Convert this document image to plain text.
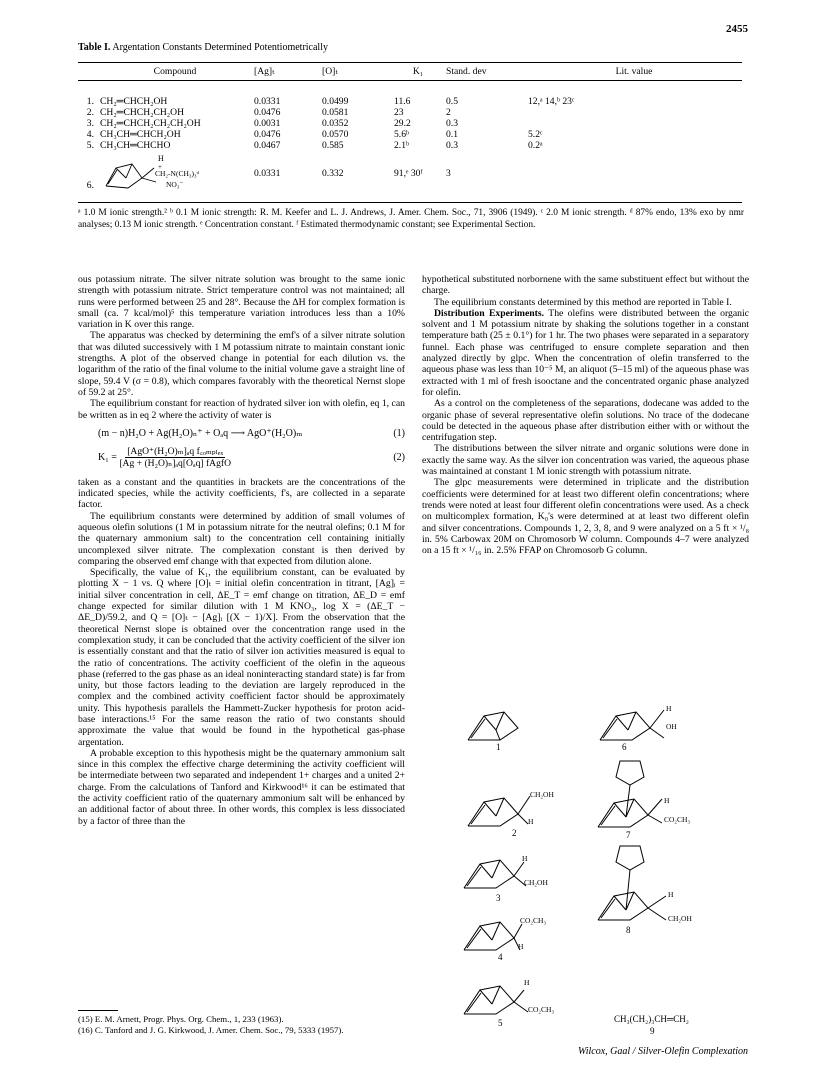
2455
Table I. Argentation Constants Determined Potentiometrically
	Compound	[Ag]ₜ	[O]ₜ	K₁	Stand. dev	Lit. value

1.	CH₂═CHCH₂OH	0.0331	0.0499	11.6	0.5	12,ᵃ 14,ᵇ 23ᶜ
2.	CH₂═CHCH₂CH₂OH	0.0476	0.0581	23	2	
3.	CH₂═CHCH₂CH₂CH₂OH	0.0031	0.0352	29.2	0.3	
4.	CH₃CH═CHCH₂OH	0.0476	0.0570	5.6ᵇ	0.1	5.2ᶜ
5.	CH₃CH═CHCHO	0.0467	0.585	2.1ᵇ	0.3	0.2ᵃ
6.	H
+
CH₂-N(CH₃)₃ᵈ
NO₃⁻	0.0331	0.332	91,ᵉ 30ᶠ	3	
ᵃ 1.0 M ionic strength.² ᵇ 0.1 M ionic strength: R. M. Keefer and L. J. Andrews, J. Amer. Chem. Soc., 71, 3906 (1949). ᶜ 2.0 M ionic strength. ᵈ 87% endo, 13% exo by nmr analyses; 0.13 M ionic strength. ᵉ Concentration constant. ᶠ Estimated thermodynamic constant; see Experimental Section.

ous potassium nitrate. The silver nitrate solution was brought to the same ionic strength with potassium nitrate. Strict temperature control was not maintained; all runs were performed between 25 and 28°. Because the ΔH for complex formation is small (ca. 7 kcal/mol)⁵ this temperature variation introduces less than a 10% variation in K over this range.

The apparatus was checked by determining the emf's of a silver nitrate solution that was diluted successively with 1 M potassium nitrate to maintain constant ionic strengths. A plot of the observed change in potential for each dilution vs. the logarithm of the ratio of the final volume to the initial volume gave a straight line of slope, 59.4 V (σ = 0.8), which compares favorably with the theoretical Nernst slope of 59.2 at 25°.

The equilibrium constant for reaction of hydrated silver ion with olefin, eq 1, can be written as in eq 2 where the activity of water is

(m − n)H₂O + Ag(H₂O)ₙ⁺ + Oₐq ⟶ AgO⁺(H₂O)ₘ	(1)
$K_1 = \frac{\text{[AgO⁺(H₂O)ₘ]ₐq f꜀ₒₘₚₗₑₓ}}{\text{[Ag + (H₂O)ₙ]ₐq[Oₐq] fAgfO}}$	(2)

taken as a constant and the quantities in brackets are the concentrations of the indicated species, while the activity coefficients, f's, are collected in a separate factor.

The equilibrium constants were determined by addition of small volumes of aqueous olefin solutions (1 M in potassium nitrate for the neutral olefins; 0.1 M for the quaternary ammonium salt) to the concentration cell containing initially uncomplexed silver nitrate. The complexation constant is then derived by comparing the observed emf change with that expected from dilution alone.

Specifically, the value of K₁, the equilibrium constant, can be evaluated by plotting X − 1 vs. Q where [O]ₜ = initial olefin concentration in titrant, [Ag]ᵢ = initial silver concentration in cell, ΔE_T = emf change on titration, ΔE_D = emf change expected for similar dilution with 1 M KNO₃, log X = (ΔE_T − ΔE_D)/59.2, and Q = [O]ₜ − [Ag]ᵢ [(X − 1)/X]. From the observation that the theoretical Nernst slope is obtained over the concentration range used in the complexation study, it can be concluded that the activity coefficient of the silver ion is essentially constant and that the ratio of silver ion activities measured is equal to the ratio of concentrations. The activity coefficient of the olefin in the aqueous phase (referred to the gas phase as an ideal noninteracting standard state) is far from unity, but those factors leading to the deviation are largely reproduced in the complex and the combined activity coefficient factor should be approximately unity. This hypothesis parallels the Hammett-Zucker hypothesis for proton acid-base interactions.¹⁵ For the same reason the ratio of two constants should approximate the value that would be found in the hypothetical gas-phase argentation.

A probable exception to this hypothesis might be the quaternary ammonium salt since in this complex the effective charge determining the activity coefficient will be intermediate between two separated and independent 1+ charges and a united 2+ charge. From the calculations of Tanford and Kirkwood¹⁶ it can be estimated that the activity coefficient ratio of the quaternary ammonium salt will be enhanced by an additional factor of about three. In other words, this complex is less dissociated by a factor of three than the

(15) E. M. Arnett, Progr. Phys. Org. Chem., 1, 233 (1963).
(16) C. Tanford and J. G. Kirkwood, J. Amer. Chem. Soc., 79, 5333 (1957).

hypothetical substituted norbornene with the same substituent effect but without the charge.

The equilibrium constants determined by this method are reported in Table I.

Distribution Experiments. The olefins were distributed between the organic solvent and 1 M potassium nitrate by shaking the solutions together in a constant temperature bath (25 ± 0.1°) for 1 hr. The two phases were separated in a separatory funnel. Each phase was centrifuged to ensure complete separation and then analyzed directly by glpc. When the concentration of olefin transferred to the aqueous phase was less than 10⁻⁵ M, an aliquot (5–15 ml) of the aqueous phase was extracted with 1 ml of fresh isooctane and the concentrated organic phase analyzed for olefin.

As a control on the completeness of the separations, dodecane was added to the organic phase of several representative olefin solutions. No trace of the dodecane could be detected in the aqueous phase after distribution either with or without the centrifugation step.

The distributions between the silver nitrate and organic solutions were done in exactly the same way. As the silver ion concentration was varied, the aqueous phase was maintained at constant 1 M ionic strength with potassium nitrate.

The glpc measurements were determined in triplicate and the distribution coefficients were determined for at least two different olefin concentrations; where trends were noted at least four different olefin concentrations were used. As a check on multicomplex formation, K₀'s were determined at at least two different olefin and silver concentrations. Compounds 1, 2, 3, 8, and 9 were analyzed on a 5 ft × ¹/₈ in. 5% Carbowax 20M on Chromosorb W column. Compounds 4–7 were analyzed on a 15 ft × ¹/₁₆ in. 2.5% FFAP on Chromosorb G column.

1
H
OH
6
CH₂OH
H
2
H
CO₂CH₃
7
H
CH₂OH
3	H
CH₂OH
8
CO₂CH₃
H
4
H
CO₂CH₃
5	CH₃(CH₂)₃CH═CH₂
9
Wilcox, Gaal / Silver-Olefin Complexation
